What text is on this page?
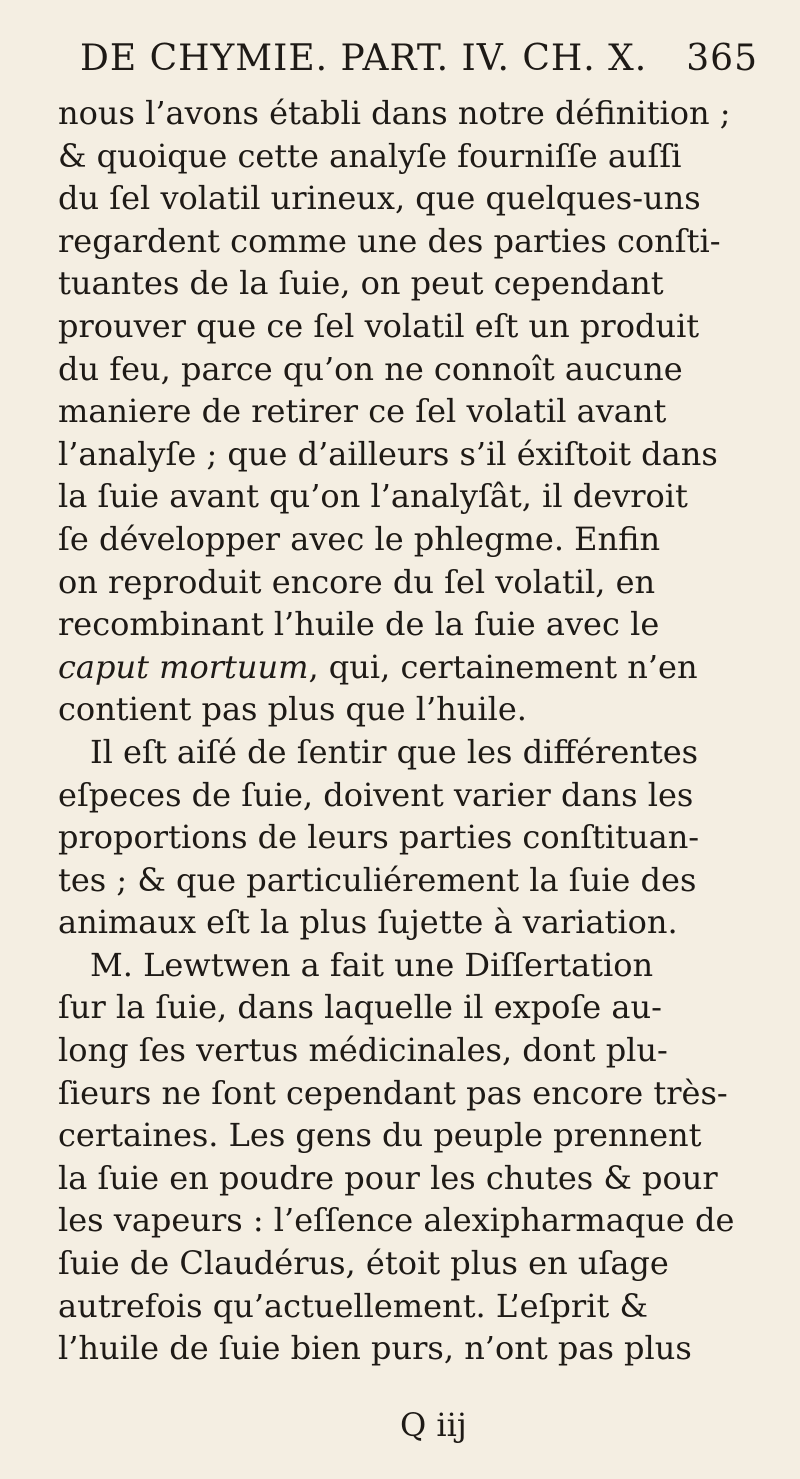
DE CHYMIE. PART. IV. CH. X. 365
nous l’avons établi dans notre définition ;
& quoique cette analyſe fourniſſe auſſi
du ſel volatil urineux, que quelques-uns
regardent comme une des parties conſti-
tuantes de la ſuie, on peut cependant
prouver que ce ſel volatil eſt un produit
du feu, parce qu’on ne connoît aucune
maniere de retirer ce ſel volatil avant
l’analyſe ; que d’ailleurs s’il éxiſtoit dans
la ſuie avant qu’on l’analyſât, il devroit
ſe développer avec le phlegme. Enfin
on reproduit encore du ſel volatil, en
recombinant l’huile de la ſuie avec le
caput mortuum, qui, certainement n’en
contient pas plus que l’huile.
Il eſt aiſé de ſentir que les différentes
eſpeces de ſuie, doivent varier dans les
proportions de leurs parties conſtituan-
tes ; & que particuliérement la ſuie des
animaux eſt la plus ſujette à variation.
M. Lewtwen a fait une Diſſertation
ſur la ſuie, dans laquelle il expoſe au-
long ſes vertus médicinales, dont plu-
ſieurs ne ſont cependant pas encore très-
certaines. Les gens du peuple prennent
la ſuie en poudre pour les chutes & pour
les vapeurs : l’eſſence alexipharmaque de
ſuie de Claudérus, étoit plus en uſage
autrefois qu’actuellement. L’eſprit &
l’huile de ſuie bien purs, n’ont pas plus
Q iij
